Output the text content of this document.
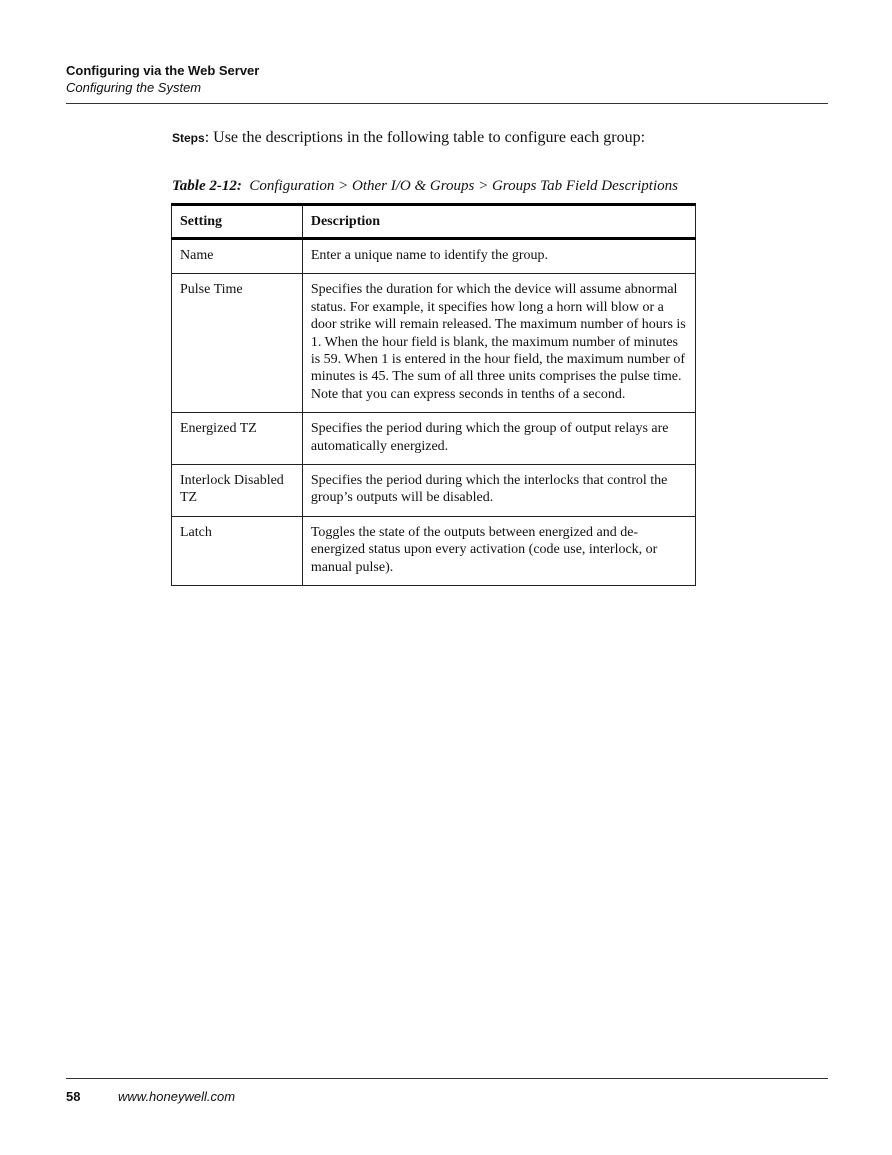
Configuring via the Web Server
Configuring the System
Steps: Use the descriptions in the following table to configure each group:
Table 2-12:  Configuration > Other I/O & Groups > Groups Tab Field Descriptions
Setting	Description
Name	Enter a unique name to identify the group.
Pulse Time	Specifies the duration for which the device will assume abnormal status. For example, it specifies how long a horn will blow or a door strike will remain released. The maximum number of hours is 1. When the hour field is blank, the maximum number of minutes is 59. When 1 is entered in the hour field, the maximum number of minutes is 45. The sum of all three units comprises the pulse time. Note that you can express seconds in tenths of a second.
Energized TZ	Specifies the period during which the group of output relays are automatically energized.
Interlock Disabled TZ	Specifies the period during which the interlocks that control the group’s outputs will be disabled.
Latch	Toggles the state of the outputs between energized and de-energized status upon every activation (code use, interlock, or manual pulse).
58	www.honeywell.com
